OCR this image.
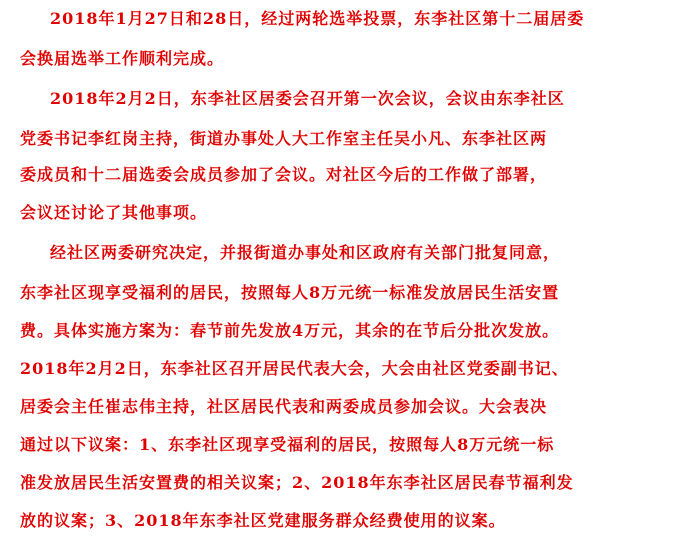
2018年1月27日和28日，经过两轮选举投票，东李社区第十二届居委
会换届选举工作顺利完成。
2018年2月2日，东李社区居委会召开第一次会议，会议由东李社区
党委书记李红岗主持，街道办事处人大工作室主任吴小凡、东李社区两
委成员和十二届选委会成员参加了会议。对社区今后的工作做了部署，
会议还讨论了其他事项。
经社区两委研究决定，并报街道办事处和区政府有关部门批复同意，
东李社区现享受福利的居民，按照每人8万元统一标准发放居民生活安置
费。具体实施方案为：春节前先发放4万元，其余的在节后分批次发放。
2018年2月2日，东李社区召开居民代表大会，大会由社区党委副书记、
居委会主任崔志伟主持，社区居民代表和两委成员参加会议。大会表决
通过以下议案：1、东李社区现享受福利的居民，按照每人8万元统一标
准发放居民生活安置费的相关议案；2、2018年东李社区居民春节福利发
放的议案；3、2018年东李社区党建服务群众经费使用的议案。
